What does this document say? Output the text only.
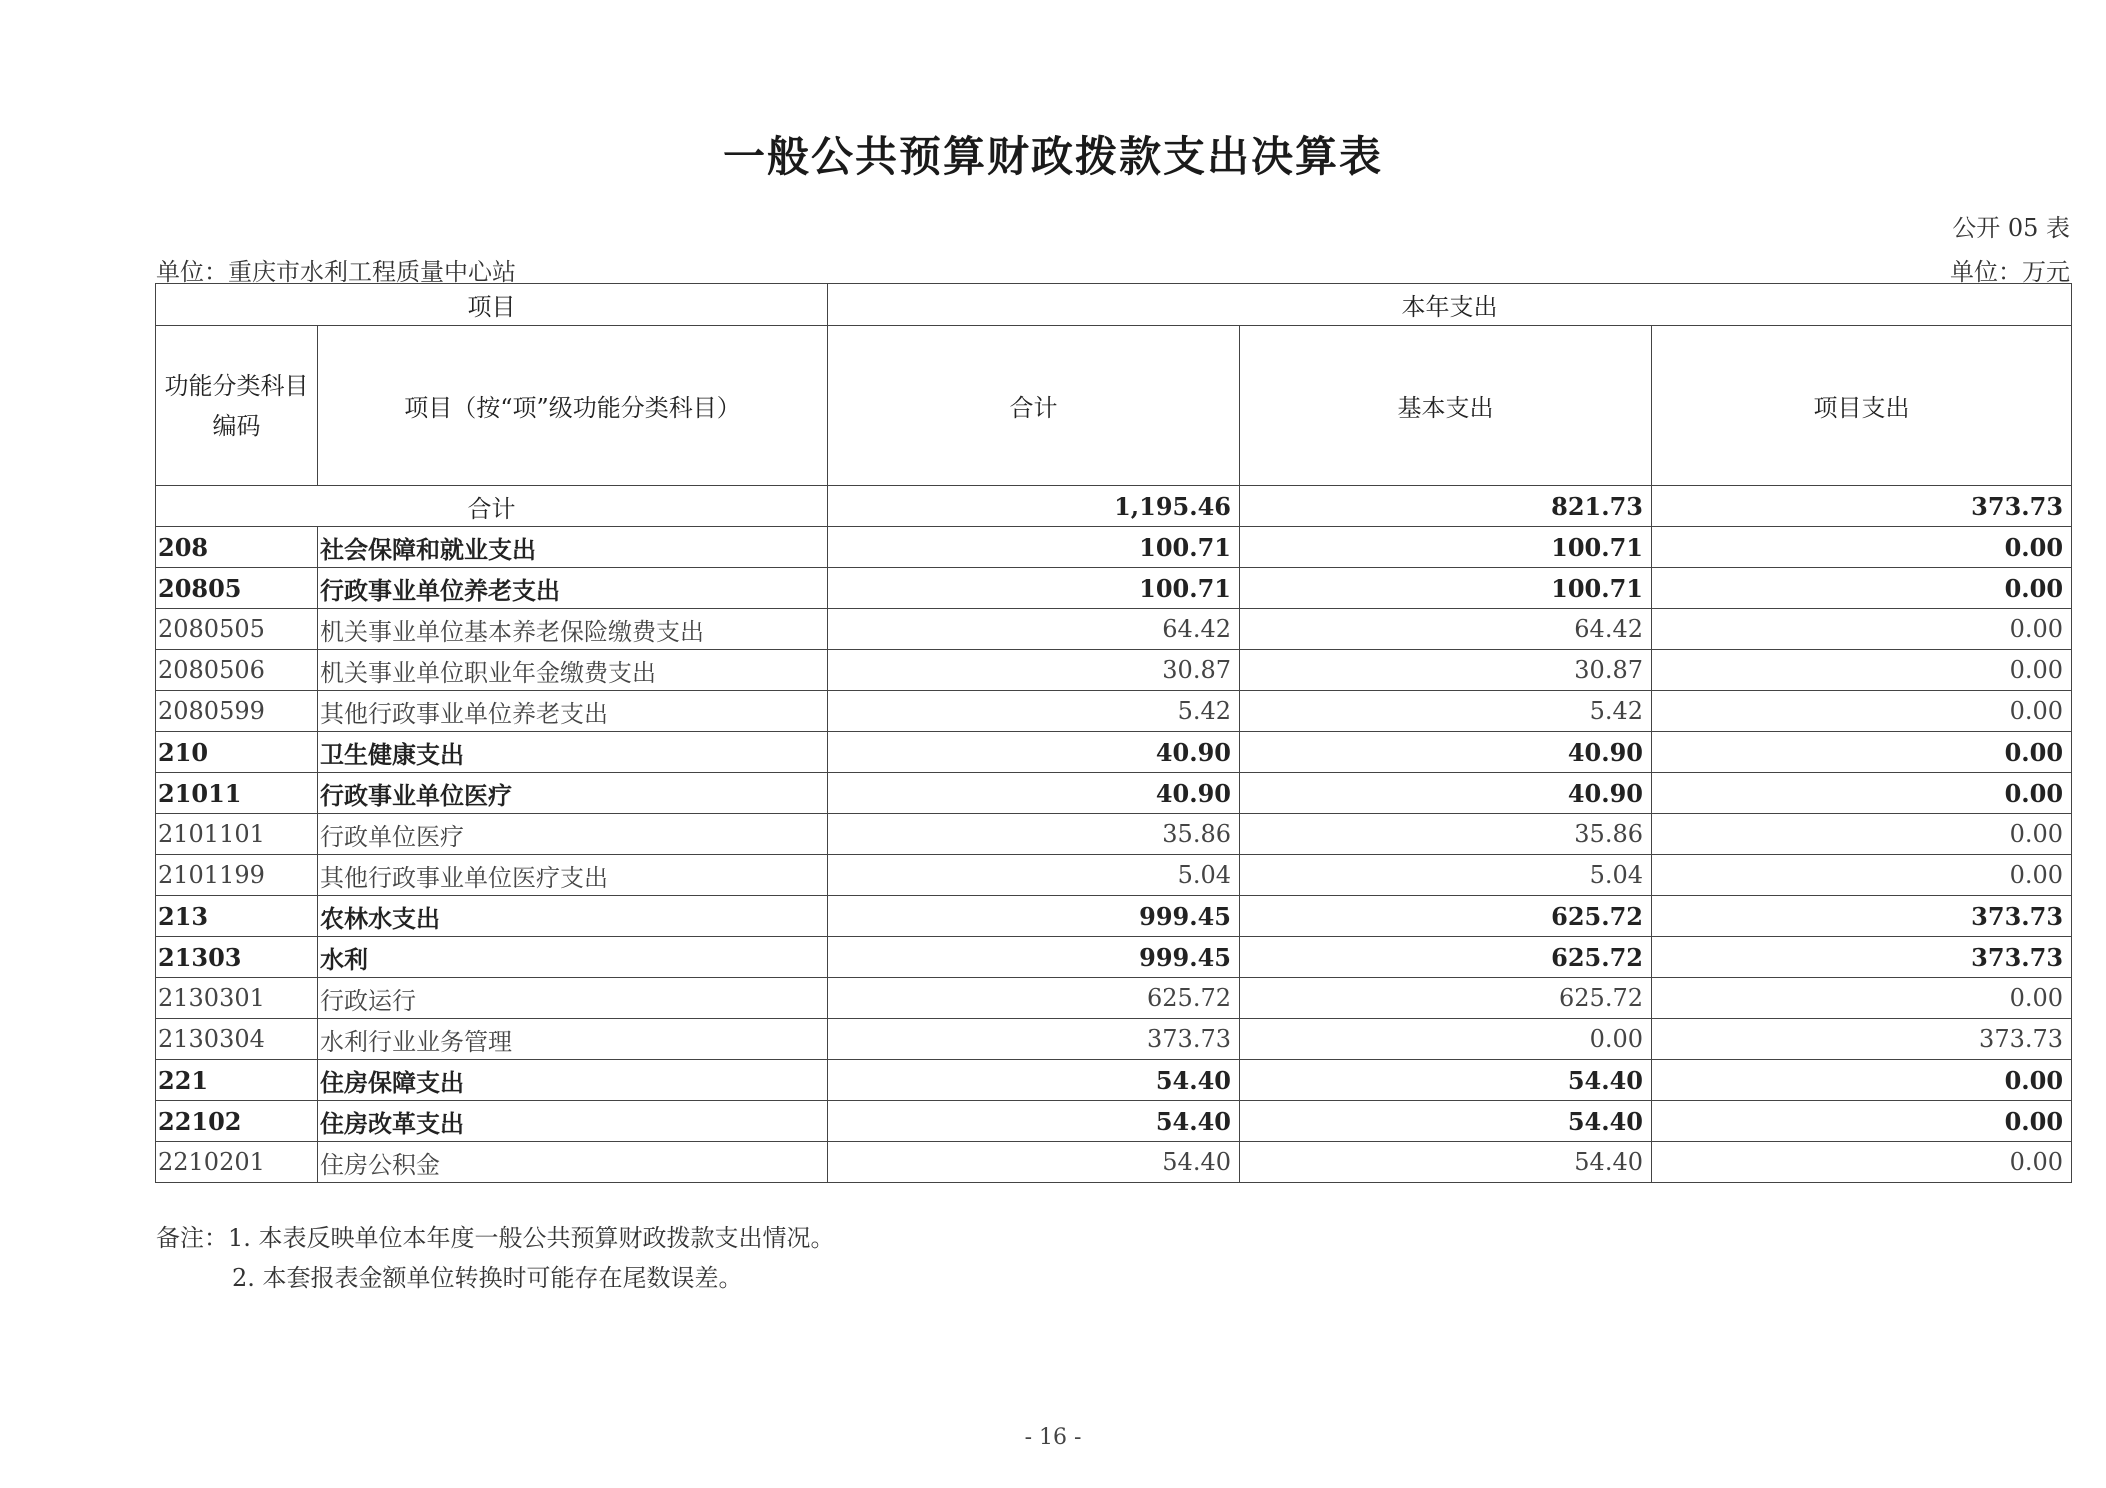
一般公共预算财政拨款支出决算表
公开 05 表
单位：重庆市水利工程质量中心站	单位：万元
项目		本年支出		
功能分类科目编码	项目（按“项”级功能分类科目）	合计	基本支出	项目支出
合计		1,195.46	821.73	373.73
208	社会保障和就业支出	100.71	100.71	0.00
20805	行政事业单位养老支出	100.71	100.71	0.00
2080505	机关事业单位基本养老保险缴费支出	64.42	64.42	0.00
2080506	机关事业单位职业年金缴费支出	30.87	30.87	0.00
2080599	其他行政事业单位养老支出	5.42	5.42	0.00
210	卫生健康支出	40.90	40.90	0.00
21011	行政事业单位医疗	40.90	40.90	0.00
2101101	行政单位医疗	35.86	35.86	0.00
2101199	其他行政事业单位医疗支出	5.04	5.04	0.00
213	农林水支出	999.45	625.72	373.73
21303	水利	999.45	625.72	373.73
2130301	行政运行	625.72	625.72	0.00
2130304	水利行业业务管理	373.73	0.00	373.73
221	住房保障支出	54.40	54.40	0.00
22102	住房改革支出	54.40	54.40	0.00
2210201	住房公积金	54.40	54.40	0.00
备注：1. 本表反映单位本年度一般公共预算财政拨款支出情况。
2. 本套报表金额单位转换时可能存在尾数误差。
- 16 -
